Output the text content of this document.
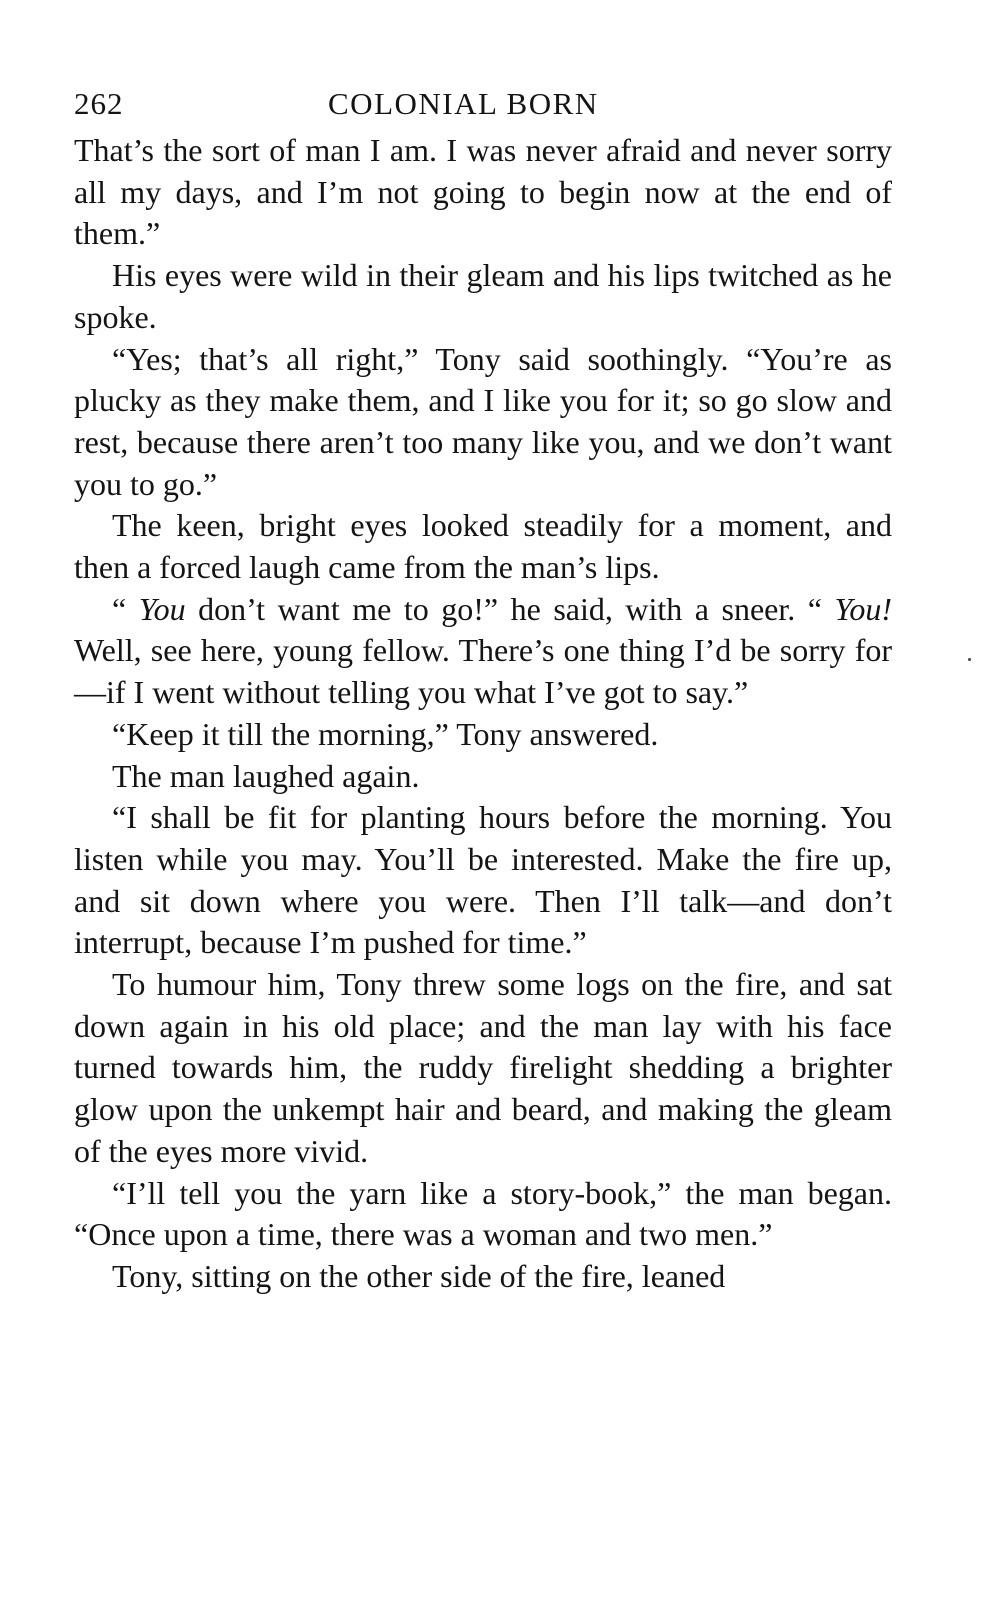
262	COLONIAL BORN

That’s the sort of man I am. I was never afraid and never sorry all my days, and I’m not going to begin now at the end of them.”

His eyes were wild in their gleam and his lips twitched as he spoke.

“Yes; that’s all right,” Tony said soothingly. “You’re as plucky as they make them, and I like you for it; so go slow and rest, because there aren’t too many like you, and we don’t want you to go.”

The keen, bright eyes looked steadily for a moment, and then a forced laugh came from the man’s lips.

“ You don’t want me to go!” he said, with a sneer. “ You! Well, see here, young fellow. There’s one thing I’d be sorry for—if I went without telling you what I’ve got to say.”

“Keep it till the morning,” Tony answered.

The man laughed again.

“I shall be fit for planting hours before the morning. You listen while you may. You’ll be interested. Make the fire up, and sit down where you were. Then I’ll talk—and don’t interrupt, because I’m pushed for time.”

To humour him, Tony threw some logs on the fire, and sat down again in his old place; and the man lay with his face turned towards him, the ruddy firelight shedding a brighter glow upon the unkempt hair and beard, and making the gleam of the eyes more vivid.

“I’ll tell you the yarn like a story-book,” the man began. “Once upon a time, there was a woman and two men.”

Tony, sitting on the other side of the fire, leaned
